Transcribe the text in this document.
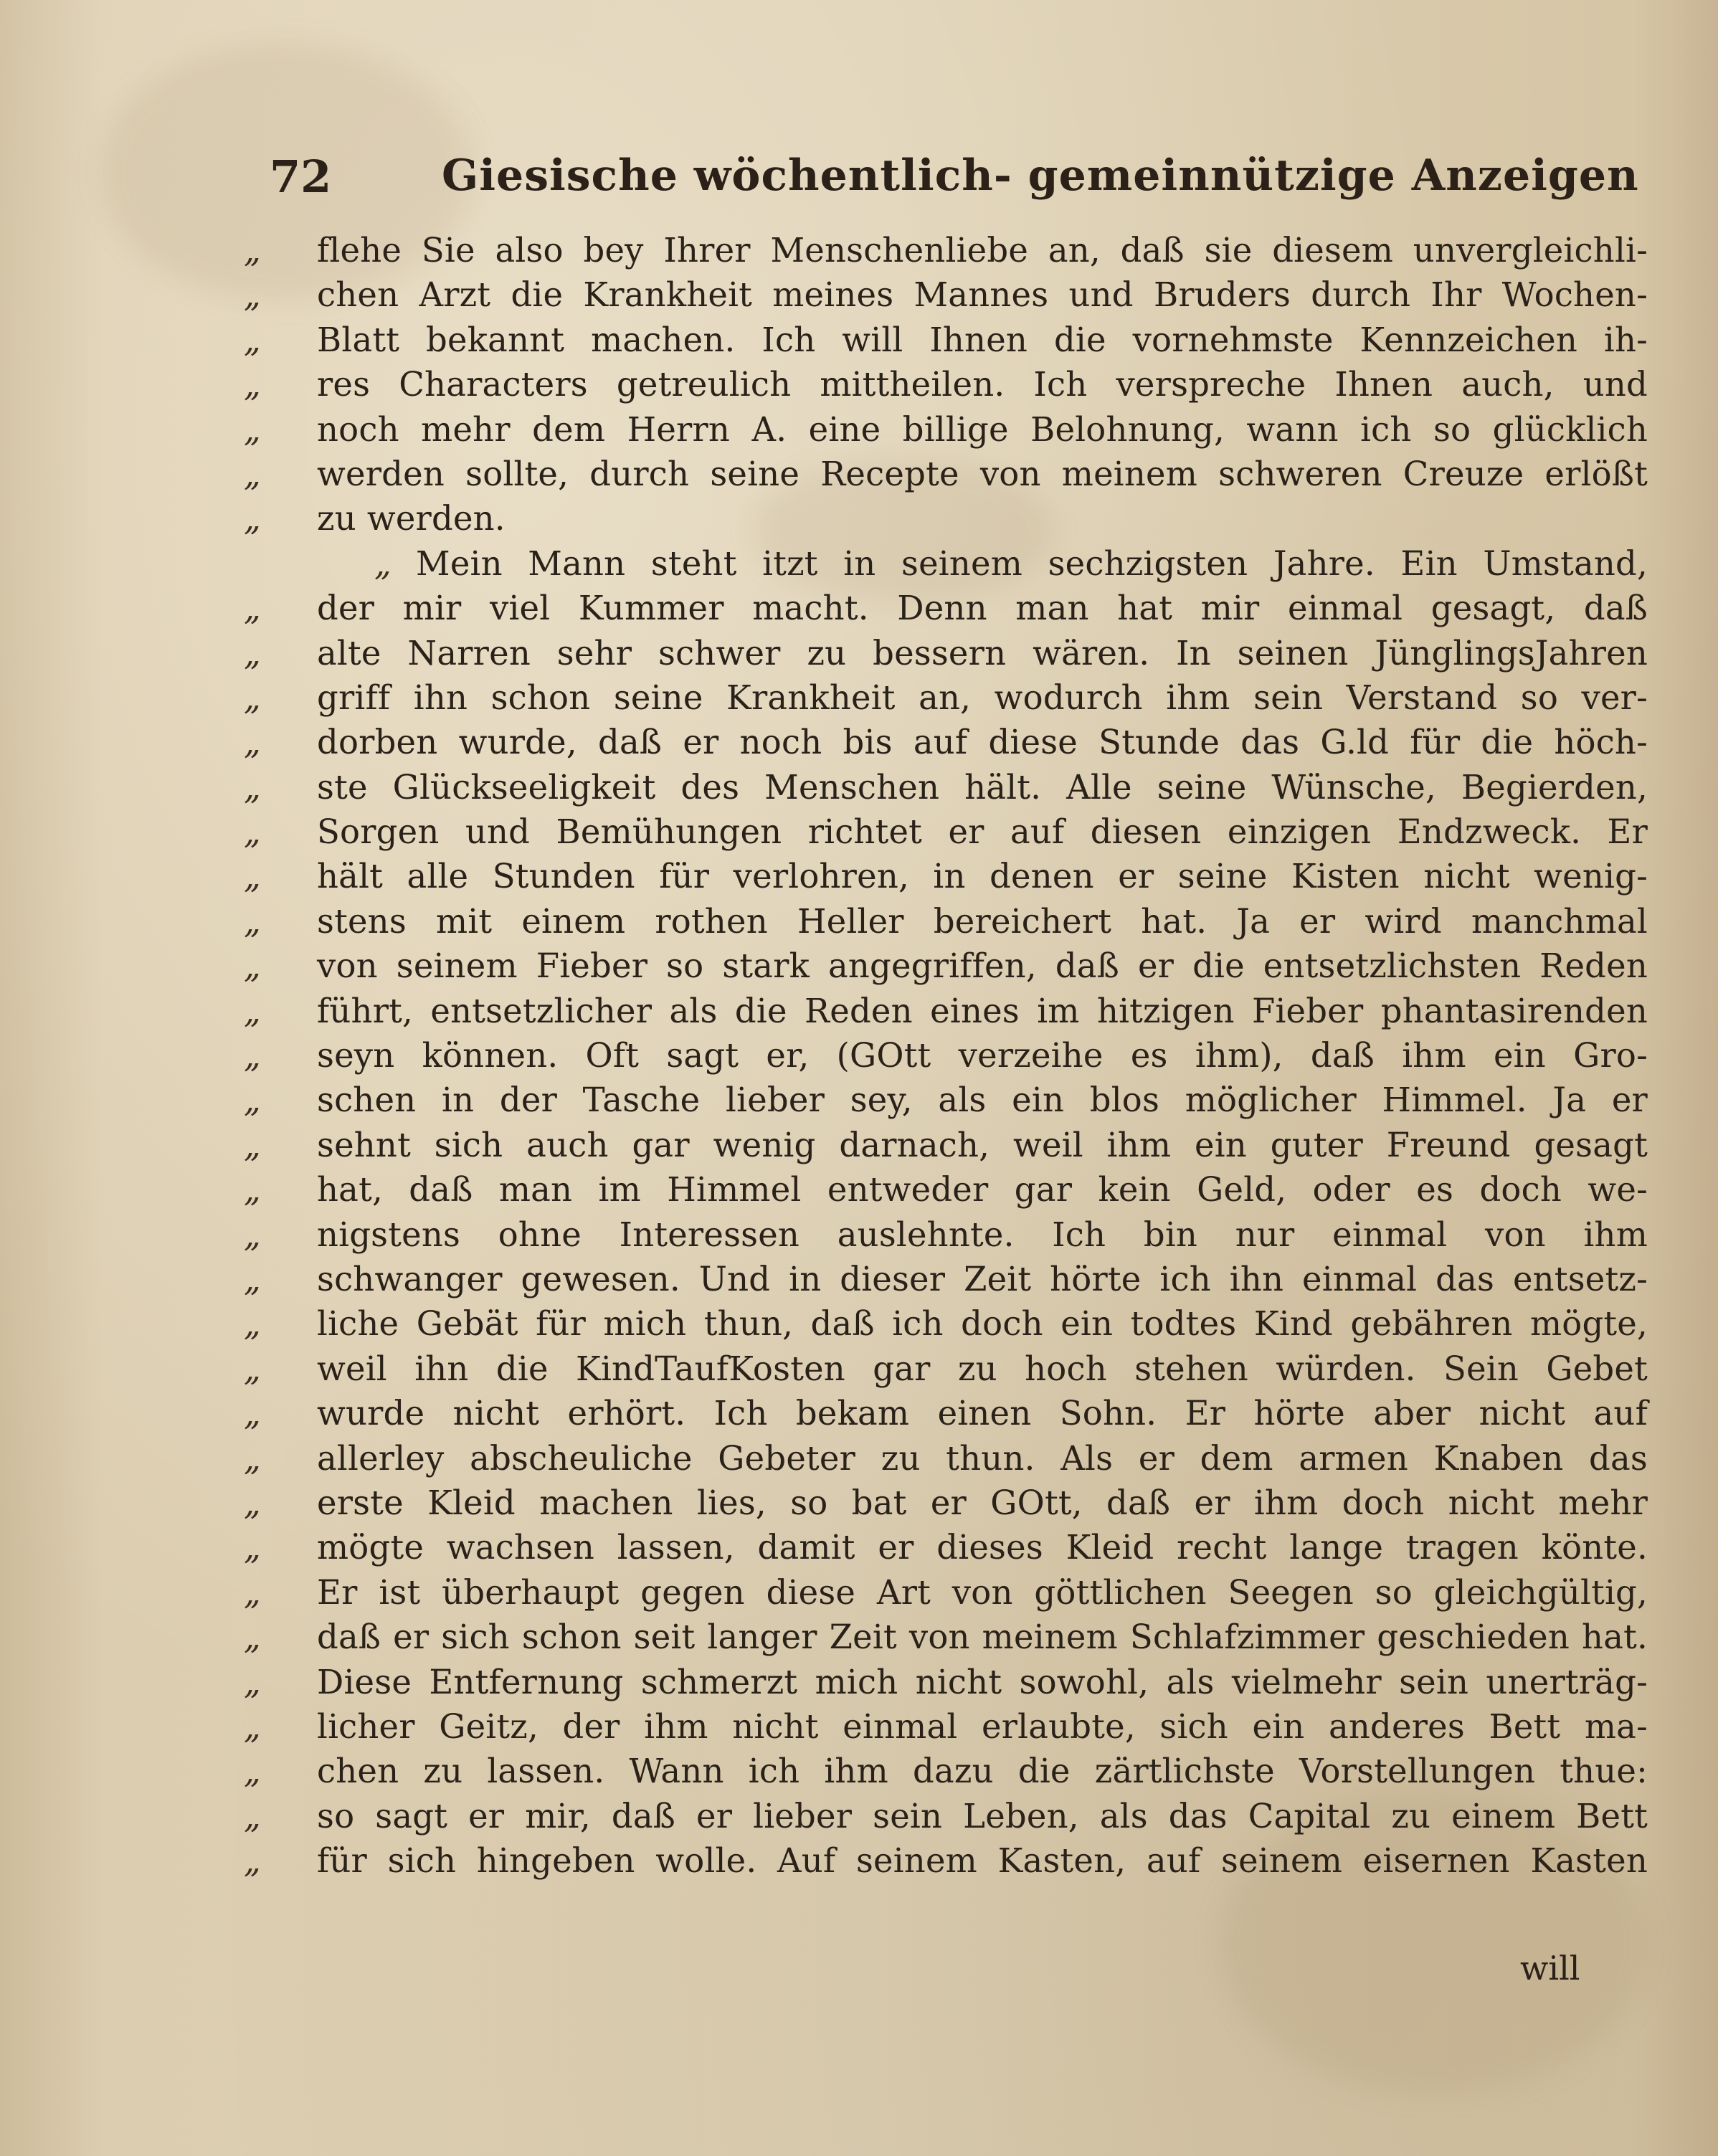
72	Giesische wöchentlich- gemeinnützige Anzeigen
„	flehe Sie also bey Ihrer Menschenliebe an, daß sie diesem unvergleichli-
„	chen Arzt die Krankheit meines Mannes und Bruders durch Ihr Wochen-
„	Blatt bekannt machen. Ich will Ihnen die vornehmste Kennzeichen ih-
„	res Characters getreulich mittheilen. Ich verspreche Ihnen auch, und
„	noch mehr dem Herrn A. eine billige Belohnung, wann ich so glücklich
„	werden sollte, durch seine Recepte von meinem schweren Creuze erlößt
„	zu werden.
„ Mein Mann steht itzt in seinem sechzigsten Jahre. Ein Umstand,
„	der mir viel Kummer macht. Denn man hat mir einmal gesagt, daß
„	alte Narren sehr schwer zu bessern wären. In seinen JünglingsJahren
„	griff ihn schon seine Krankheit an, wodurch ihm sein Verstand so ver-
„	dorben wurde, daß er noch bis auf diese Stunde das G.ld für die höch-
„	ste Glückseeligkeit des Menschen hält. Alle seine Wünsche, Begierden,
„	Sorgen und Bemühungen richtet er auf diesen einzigen Endzweck. Er
„	hält alle Stunden für verlohren, in denen er seine Kisten nicht wenig-
„	stens mit einem rothen Heller bereichert hat. Ja er wird manchmal
„	von seinem Fieber so stark angegriffen, daß er die entsetzlichsten Reden
„	führt, entsetzlicher als die Reden eines im hitzigen Fieber phantasirenden
„	seyn können. Oft sagt er, (GOtt verzeihe es ihm), daß ihm ein Gro-
„	schen in der Tasche lieber sey, als ein blos möglicher Himmel. Ja er
„	sehnt sich auch gar wenig darnach, weil ihm ein guter Freund gesagt
„	hat, daß man im Himmel entweder gar kein Geld, oder es doch we-
„	nigstens ohne Interessen auslehnte. Ich bin nur einmal von ihm
„	schwanger gewesen. Und in dieser Zeit hörte ich ihn einmal das entsetz-
„	liche Gebät für mich thun, daß ich doch ein todtes Kind gebähren mögte,
„	weil ihn die KindTaufKosten gar zu hoch stehen würden. Sein Gebet
„	wurde nicht erhört. Ich bekam einen Sohn. Er hörte aber nicht auf
„	allerley abscheuliche Gebeter zu thun. Als er dem armen Knaben das
„	erste Kleid machen lies, so bat er GOtt, daß er ihm doch nicht mehr
„	mögte wachsen lassen, damit er dieses Kleid recht lange tragen könte.
„	Er ist überhaupt gegen diese Art von göttlichen Seegen so gleichgültig,
„	daß er sich schon seit langer Zeit von meinem Schlafzimmer geschieden hat.
„	Diese Entfernung schmerzt mich nicht sowohl, als vielmehr sein unerträg-
„	licher Geitz, der ihm nicht einmal erlaubte, sich ein anderes Bett ma-
„	chen zu lassen. Wann ich ihm dazu die zärtlichste Vorstellungen thue:
„	so sagt er mir, daß er lieber sein Leben, als das Capital zu einem Bett
„	für sich hingeben wolle. Auf seinem Kasten, auf seinem eisernen Kasten
will
